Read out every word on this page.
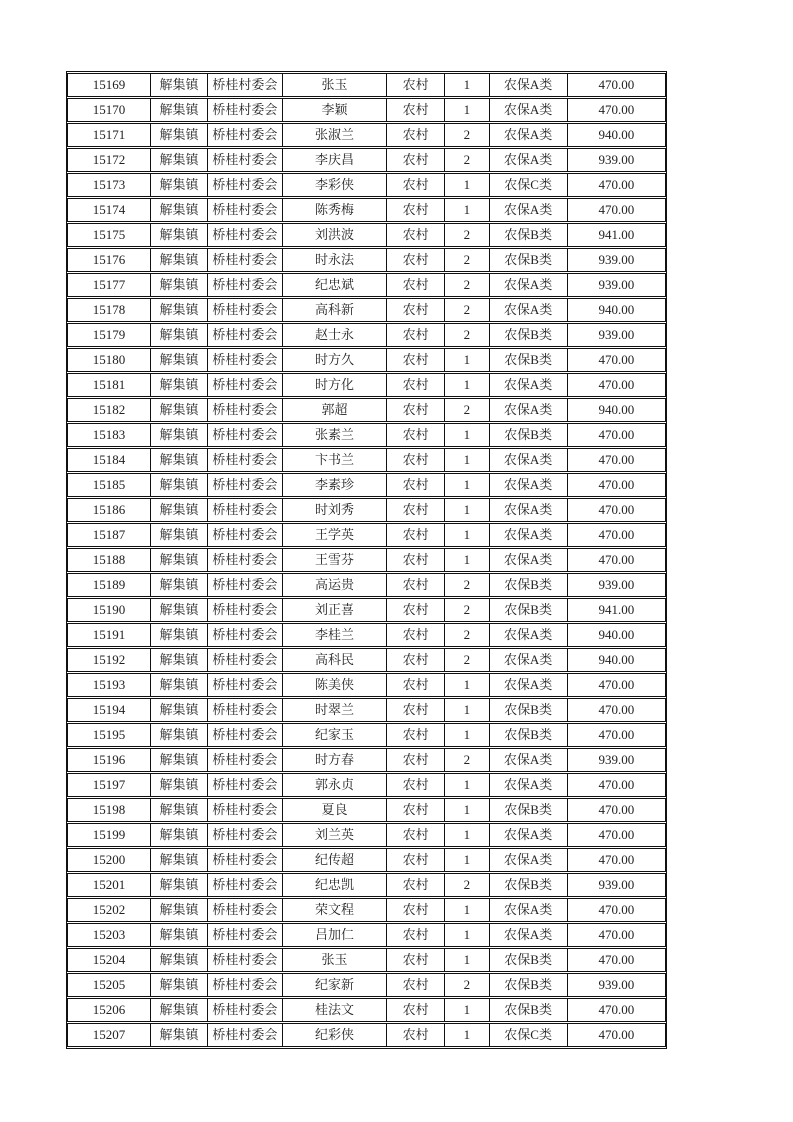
15169	解集镇	桥桂村委会	张玉	农村	1	农保A类	470.00
15170	解集镇	桥桂村委会	李颖	农村	1	农保A类	470.00
15171	解集镇	桥桂村委会	张淑兰	农村	2	农保A类	940.00
15172	解集镇	桥桂村委会	李庆昌	农村	2	农保A类	939.00
15173	解集镇	桥桂村委会	李彩侠	农村	1	农保C类	470.00
15174	解集镇	桥桂村委会	陈秀梅	农村	1	农保A类	470.00
15175	解集镇	桥桂村委会	刘洪波	农村	2	农保B类	941.00
15176	解集镇	桥桂村委会	时永法	农村	2	农保B类	939.00
15177	解集镇	桥桂村委会	纪忠斌	农村	2	农保A类	939.00
15178	解集镇	桥桂村委会	高科新	农村	2	农保A类	940.00
15179	解集镇	桥桂村委会	赵士永	农村	2	农保B类	939.00
15180	解集镇	桥桂村委会	时方久	农村	1	农保B类	470.00
15181	解集镇	桥桂村委会	时方化	农村	1	农保A类	470.00
15182	解集镇	桥桂村委会	郭超	农村	2	农保A类	940.00
15183	解集镇	桥桂村委会	张素兰	农村	1	农保B类	470.00
15184	解集镇	桥桂村委会	卞书兰	农村	1	农保A类	470.00
15185	解集镇	桥桂村委会	李素珍	农村	1	农保A类	470.00
15186	解集镇	桥桂村委会	时刘秀	农村	1	农保A类	470.00
15187	解集镇	桥桂村委会	王学英	农村	1	农保A类	470.00
15188	解集镇	桥桂村委会	王雪芬	农村	1	农保A类	470.00
15189	解集镇	桥桂村委会	高运贵	农村	2	农保B类	939.00
15190	解集镇	桥桂村委会	刘正喜	农村	2	农保B类	941.00
15191	解集镇	桥桂村委会	李桂兰	农村	2	农保A类	940.00
15192	解集镇	桥桂村委会	高科民	农村	2	农保A类	940.00
15193	解集镇	桥桂村委会	陈美侠	农村	1	农保A类	470.00
15194	解集镇	桥桂村委会	时翠兰	农村	1	农保B类	470.00
15195	解集镇	桥桂村委会	纪家玉	农村	1	农保B类	470.00
15196	解集镇	桥桂村委会	时方春	农村	2	农保A类	939.00
15197	解集镇	桥桂村委会	郭永贞	农村	1	农保A类	470.00
15198	解集镇	桥桂村委会	夏良	农村	1	农保B类	470.00
15199	解集镇	桥桂村委会	刘兰英	农村	1	农保A类	470.00
15200	解集镇	桥桂村委会	纪传超	农村	1	农保A类	470.00
15201	解集镇	桥桂村委会	纪忠凯	农村	2	农保B类	939.00
15202	解集镇	桥桂村委会	荣文程	农村	1	农保A类	470.00
15203	解集镇	桥桂村委会	吕加仁	农村	1	农保A类	470.00
15204	解集镇	桥桂村委会	张玉	农村	1	农保B类	470.00
15205	解集镇	桥桂村委会	纪家新	农村	2	农保B类	939.00
15206	解集镇	桥桂村委会	桂法文	农村	1	农保B类	470.00
15207	解集镇	桥桂村委会	纪彩侠	农村	1	农保C类	470.00
